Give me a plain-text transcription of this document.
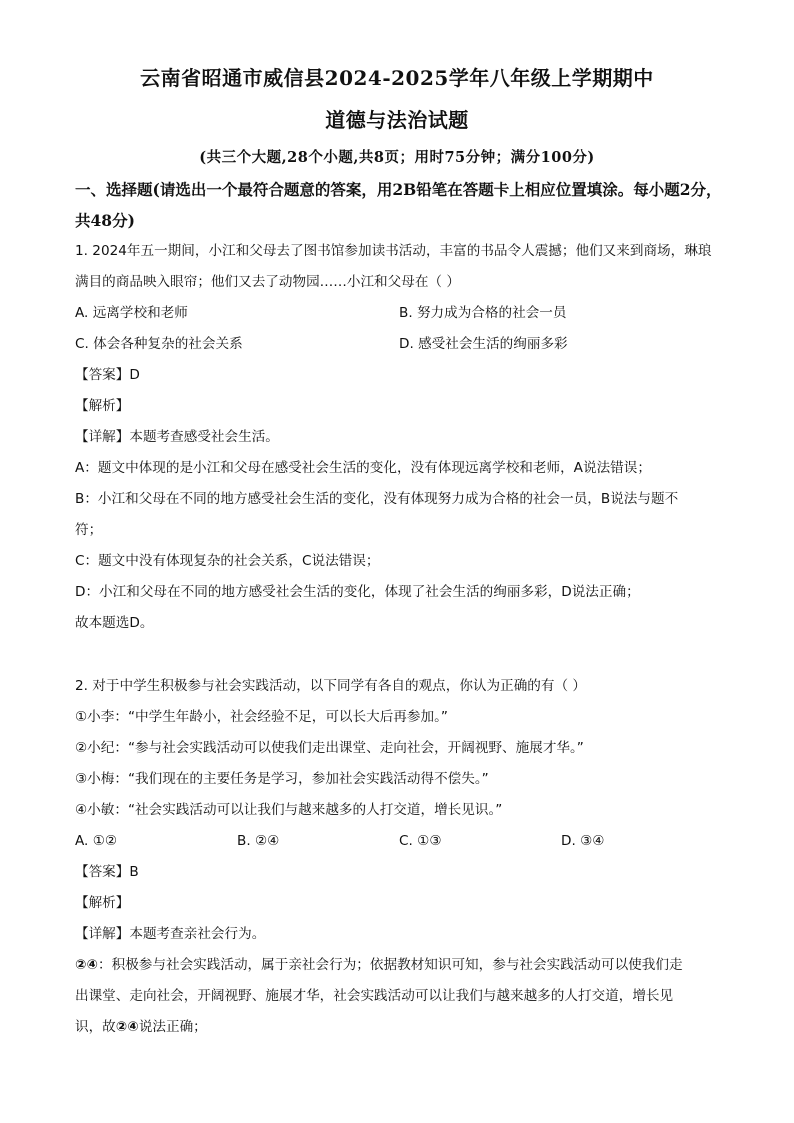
云南省昭通市威信县2024-2025学年八年级上学期期中
道德与法治试题
(共三个大题,28个小题,共8页；用时75分钟；满分100分)
一、选择题(请选出一个最符合题意的答案，用2B铅笔在答题卡上相应位置填涂。每小题2分，共48分)
1. 2024年五一期间，小江和父母去了图书馆参加读书活动，丰富的书品令人震撼；他们又来到商场，琳琅
满目的商品映入眼帘；他们又去了动物园……小江和父母在（ ）
A. 远离学校和老师	B. 努力成为合格的社会一员
C. 体会各种复杂的社会关系	D. 感受社会生活的绚丽多彩
【答案】D
【解析】
【详解】本题考查感受社会生活。
A：题文中体现的是小江和父母在感受社会生活的变化，没有体现远离学校和老师，A说法错误；
B：小江和父母在不同的地方感受社会生活的变化，没有体现努力成为合格的社会一员，B说法与题不
符；
C：题文中没有体现复杂的社会关系，C说法错误；
D：小江和父母在不同的地方感受社会生活的变化，体现了社会生活的绚丽多彩，D说法正确；
故本题选D。
2. 对于中学生积极参与社会实践活动，以下同学有各自的观点，你认为正确的有（ ）
①小李：“中学生年龄小，社会经验不足，可以长大后再参加。”
②小纪：“参与社会实践活动可以使我们走出课堂、走向社会，开阔视野、施展才华。”
③小梅：“我们现在的主要任务是学习，参加社会实践活动得不偿失。”
④小敏：“社会实践活动可以让我们与越来越多的人打交道，增长见识。”
A. ①②	B. ②④	C. ①③	D. ③④
【答案】B
【解析】
【详解】本题考查亲社会行为。
②④：积极参与社会实践活动，属于亲社会行为；依据教材知识可知，参与社会实践活动可以使我们走
出课堂、走向社会，开阔视野、施展才华，社会实践活动可以让我们与越来越多的人打交道，增长见
识，故②④说法正确；
